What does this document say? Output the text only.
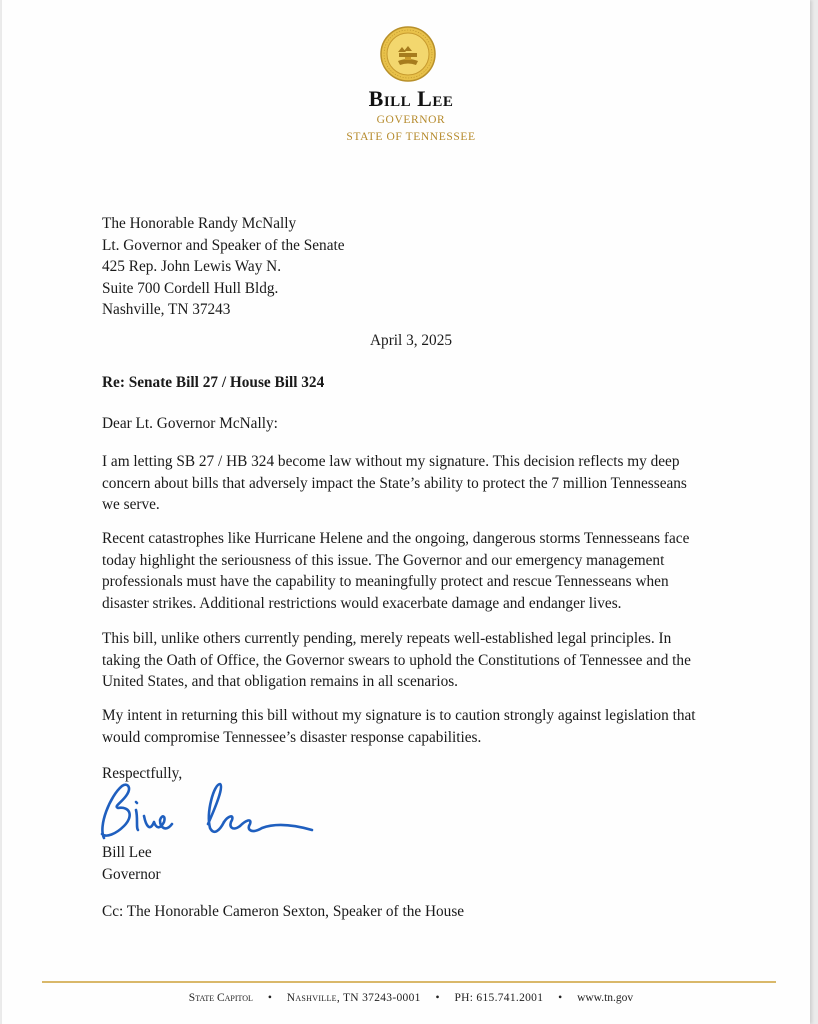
Bill Lee
GOVERNOR
STATE OF TENNESSEE
The Honorable Randy McNally
Lt. Governor and Speaker of the Senate
425 Rep. John Lewis Way N.
Suite 700 Cordell Hull Bldg.
Nashville, TN 37243
April 3, 2025
Re: Senate Bill 27 / House Bill 324
Dear Lt. Governor McNally:
I am letting SB 27 / HB 324 become law without my signature. This decision reflects my deep
concern about bills that adversely impact the State’s ability to protect the 7 million Tennesseans
we serve.
Recent catastrophes like Hurricane Helene and the ongoing, dangerous storms Tennesseans face
today highlight the seriousness of this issue. The Governor and our emergency management
professionals must have the capability to meaningfully protect and rescue Tennesseans when
disaster strikes. Additional restrictions would exacerbate damage and endanger lives.
This bill, unlike others currently pending, merely repeats well-established legal principles. In
taking the Oath of Office, the Governor swears to uphold the Constitutions of Tennessee and the
United States, and that obligation remains in all scenarios.
My intent in returning this bill without my signature is to caution strongly against legislation that
would compromise Tennessee’s disaster response capabilities.
Respectfully,
Bill Lee
Governor
Cc: The Honorable Cameron Sexton, Speaker of the House
State Capitol • Nashville, TN 37243-0001 • PH: 615.741.2001 • www.tn.gov
